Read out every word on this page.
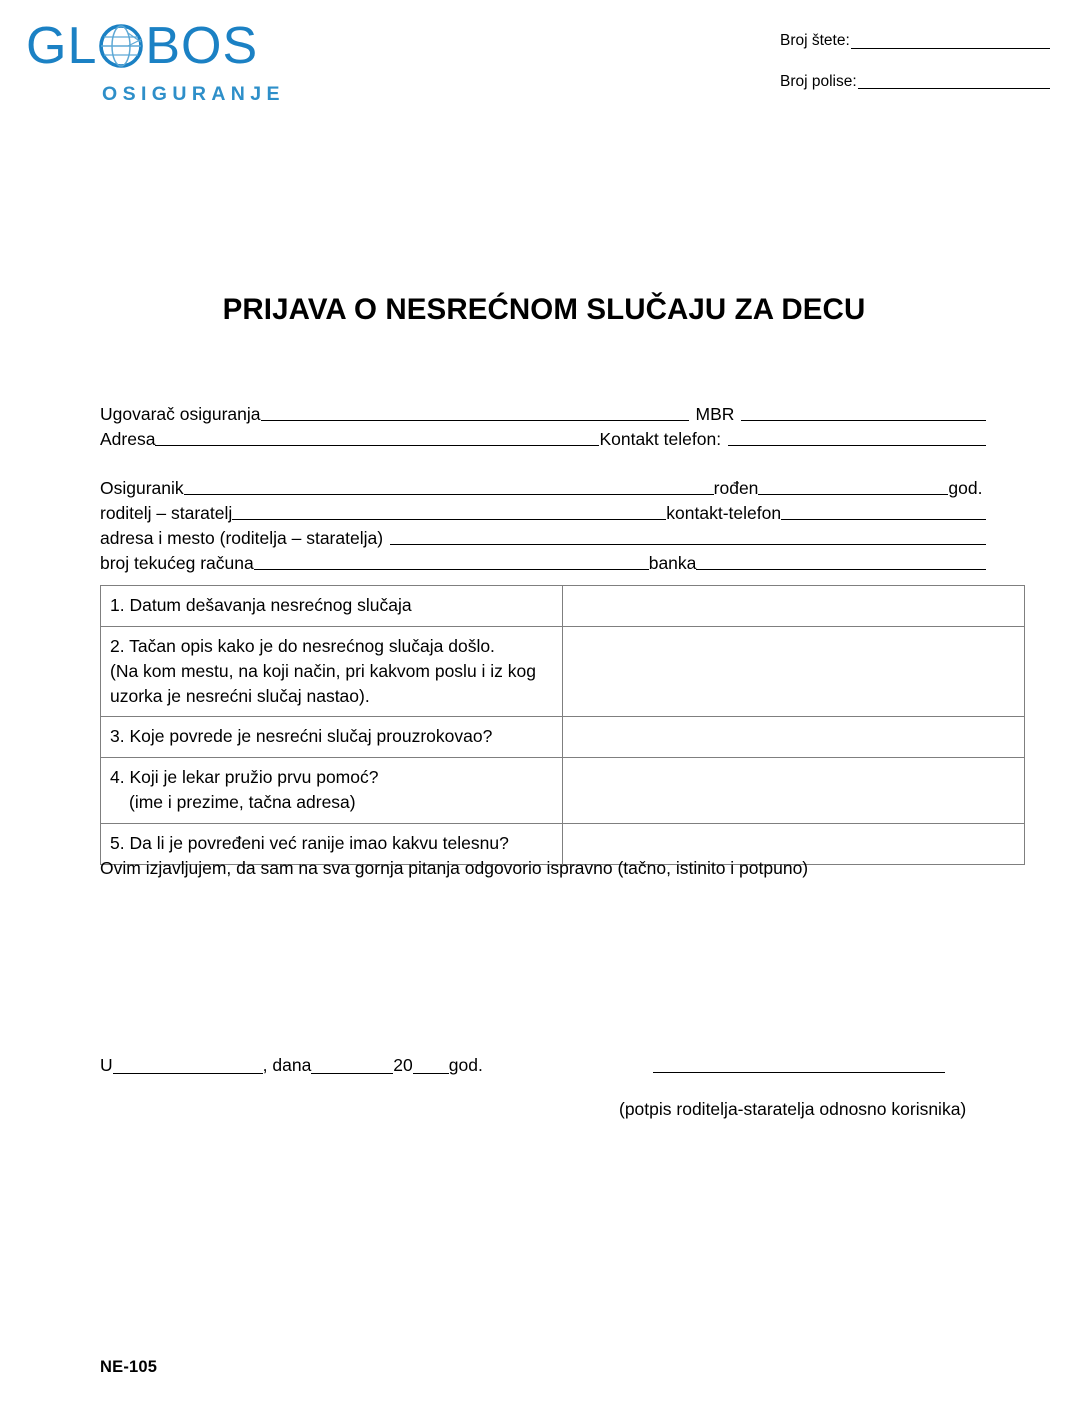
GL BOS
OSIGURANJE
Broj štete:
Broj polise:
PRIJAVA O NESREĆNOM SLUČAJU ZA DECU
Ugovarač osiguranja	MBR
Adresa	Kontakt telefon:
Osiguranik	rođen	god.
roditelj – staratelj	kontakt-telefon
adresa i mesto (roditelja – staratelja)
broj tekućeg računa	banka
1. Datum dešavanja nesrećnog slučaja	
2. Tačan opis kako je do nesrećnog slučaja došlo.
(Na kom mestu, na koji način, pri kakvom poslu i iz kog
uzorka je nesrećni slučaj nastao).	
3. Koje povrede je nesrećni slučaj prouzrokovao?	
4. Koji je lekar pružio prvu pomoć?

(ime i prezime, tačna adresa)	

5. Da li je povređeni već ranije imao kakvu telesnu?	
Ovim izjavljujem, da sam na sva gornja pitanja odgovorio ispravno (tačno, istinito i potpuno)
U	, dana	20 god.
(potpis roditelja-staratelja odnosno korisnika)
NE-105
